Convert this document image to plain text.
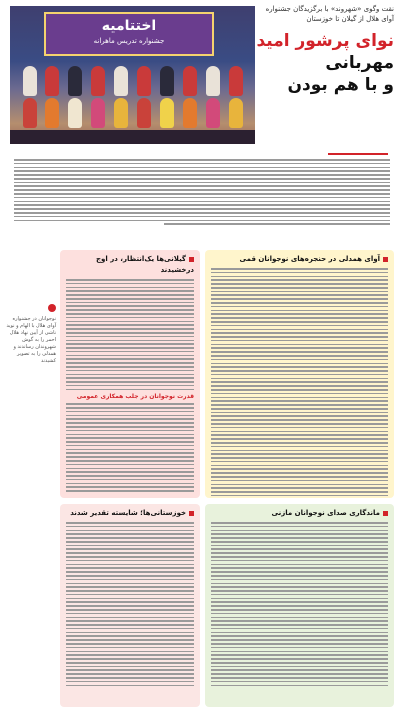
اختتامیه
جشنواره تدریس ماهرانه
نقت وگوی «شهروند» با برگزیدگان جشنواره آوای هلال از گیلان تا خوزستان
نوای پرشور امید
مهربانی
و با هم بودن
آوای همدلی در حنجره‌های نوجوانان قمی
گیلانی‌ها یک‌انتظار، در اوج درخشیدند
قدرت نوجوانان در جلب همکاری عمومی
ماندگاری صدای نوجوانان مازنی
خوزستانی‌ها؛ شایسته تقدیر شدند

نوجوانان در جشنواره آوای هلال با الهام و نوید ناشی از آیین نهاد هلال احمر را به گوش شهروندان رساندند و همدلی را به تصویر کشیدند
